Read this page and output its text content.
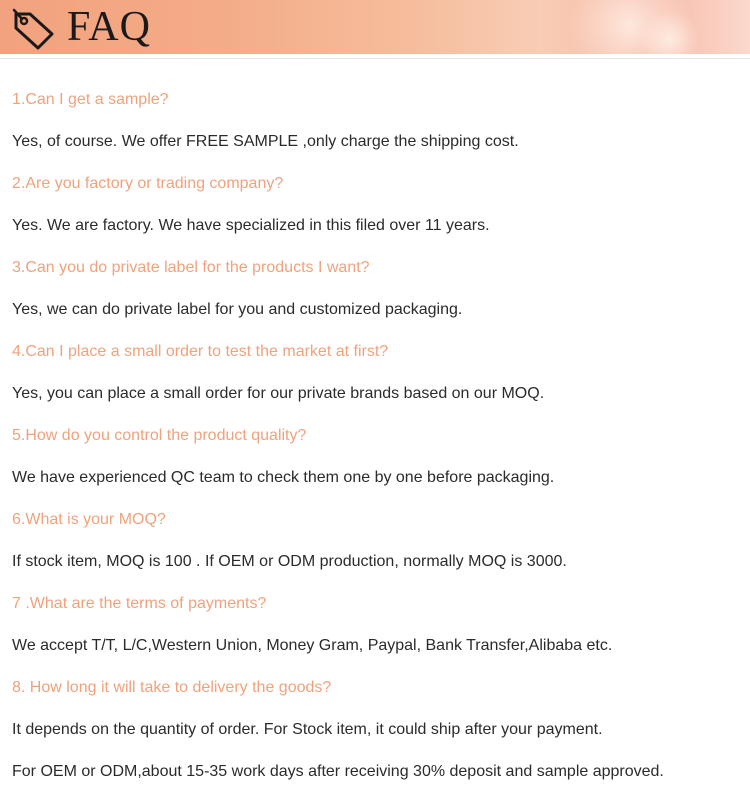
FAQ
1.Can I get a sample?
Yes, of course. We offer FREE SAMPLE ,only charge the shipping cost.
2.Are you factory or trading company?
Yes. We are factory. We have specialized in this filed over 11 years.
3.Can you do private label for the products I want?
Yes, we can do private label for you and customized packaging.
4.Can I place a small order to test the market at first?
Yes, you can place a small order for our private brands based on our MOQ.
5.How do you control the product quality?
We have experienced QC team to check them one by one before packaging.
6.What is your MOQ?
If stock item, MOQ is 100 . If OEM or ODM production, normally MOQ is 3000.
7 .What are the terms of payments?
We accept T/T, L/C,Western Union, Money Gram, Paypal, Bank Transfer,Alibaba etc.
8. How long it will take to delivery the goods?
It depends on the quantity of order. For Stock item, it could ship after your payment.
For OEM or ODM,about 15-35 work days after receiving 30% deposit and sample approved.
